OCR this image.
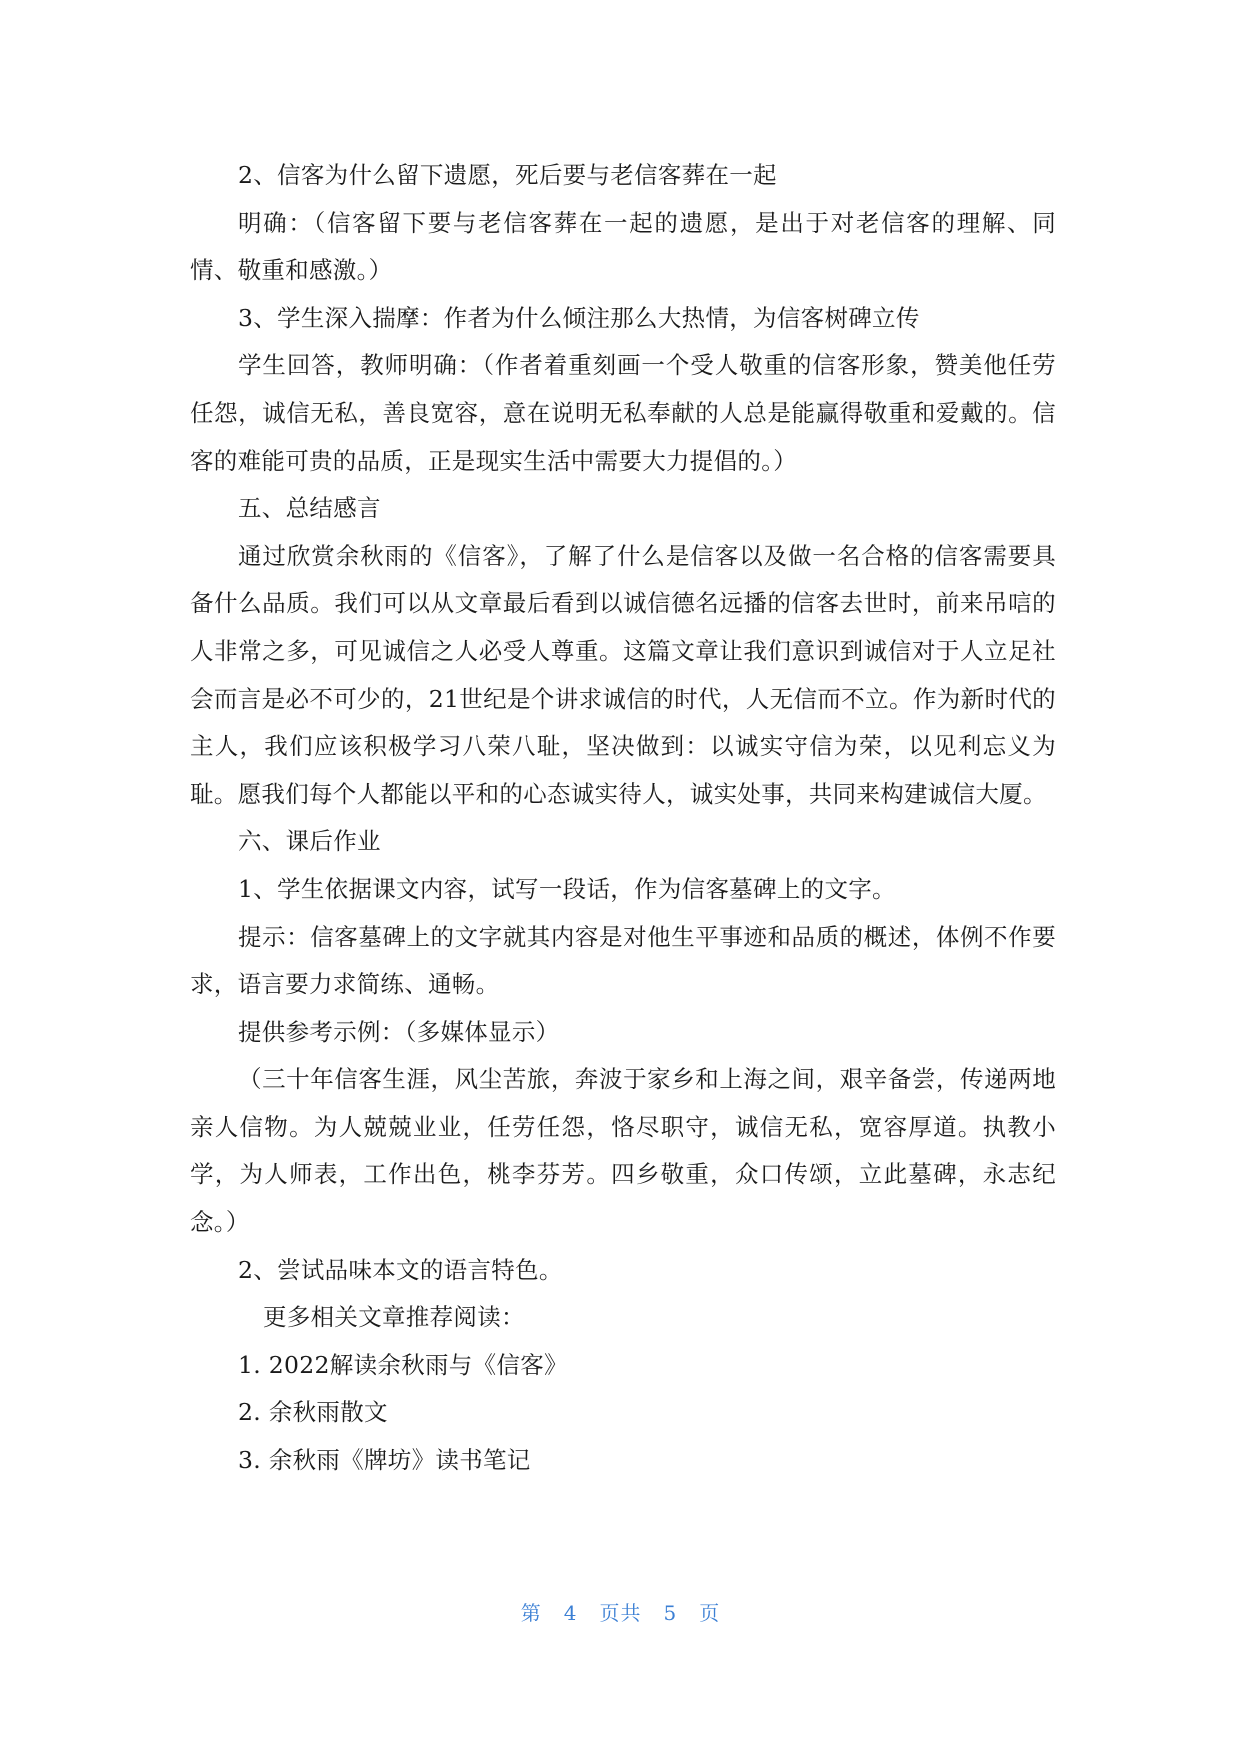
2、信客为什么留下遗愿，死后要与老信客葬在一起

明确：（信客留下要与老信客葬在一起的遗愿，是出于对老信客的理解、同情、敬重和感激。）

3、学生深入揣摩：作者为什么倾注那么大热情，为信客树碑立传

学生回答，教师明确：（作者着重刻画一个受人敬重的信客形象，赞美他任劳任怨，诚信无私，善良宽容，意在说明无私奉献的人总是能赢得敬重和爱戴的。信客的难能可贵的品质，正是现实生活中需要大力提倡的。）

五、总结感言

通过欣赏余秋雨的《信客》，了解了什么是信客以及做一名合格的信客需要具备什么品质。我们可以从文章最后看到以诚信德名远播的信客去世时，前来吊唁的人非常之多，可见诚信之人必受人尊重。这篇文章让我们意识到诚信对于人立足社会而言是必不可少的，21世纪是个讲求诚信的时代，人无信而不立。作为新时代的主人，我们应该积极学习八荣八耻，坚决做到：以诚实守信为荣，以见利忘义为耻。愿我们每个人都能以平和的心态诚实待人，诚实处事，共同来构建诚信大厦。

六、课后作业

1、学生依据课文内容，试写一段话，作为信客墓碑上的文字。

提示：信客墓碑上的文字就其内容是对他生平事迹和品质的概述，体例不作要求，语言要力求简练、通畅。

提供参考示例：（多媒体显示）

（三十年信客生涯，风尘苦旅，奔波于家乡和上海之间，艰辛备尝，传递两地亲人信物。为人兢兢业业，任劳任怨，恪尽职守，诚信无私，宽容厚道。执教小学，为人师表，工作出色，桃李芬芳。四乡敬重，众口传颂，立此墓碑，永志纪念。）

2、尝试品味本文的语言特色。

更多相关文章推荐阅读：

1. 2022解读余秋雨与《信客》

2. 余秋雨散文

3. 余秋雨《牌坊》读书笔记

第 4 页共 5 页
